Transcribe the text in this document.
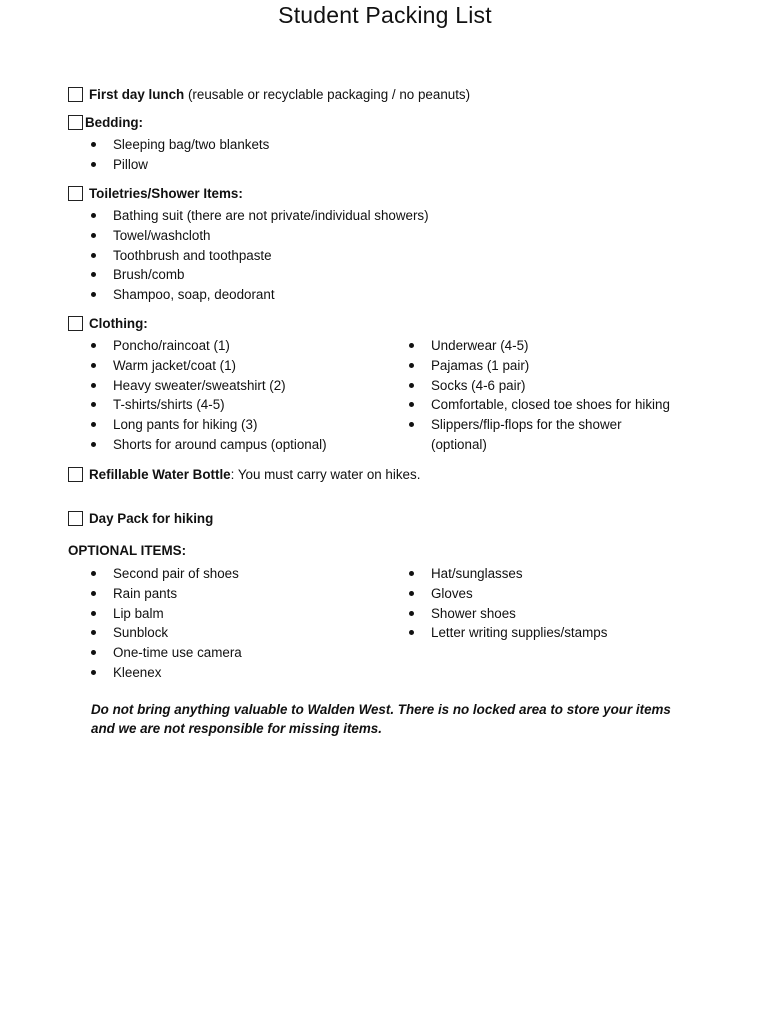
Student Packing List
First day lunch (reusable or recyclable packaging / no peanuts)
Bedding:
Sleeping bag/two blankets
Pillow
Toiletries/Shower Items:
Bathing suit (there are not private/individual showers)
Towel/washcloth
Toothbrush and toothpaste
Brush/comb
Shampoo, soap, deodorant
Clothing:
Poncho/raincoat (1)
Warm jacket/coat (1)
Heavy sweater/sweatshirt (2)
T-shirts/shirts (4-5)
Long pants for hiking (3)
Shorts for around campus (optional)
Underwear (4-5)
Pajamas (1 pair)
Socks (4-6 pair)
Comfortable, closed toe shoes for hiking
Slippers/flip-flops for the shower (optional)
Refillable Water Bottle: You must carry water on hikes.
Day Pack for hiking
OPTIONAL ITEMS:
Second pair of shoes
Rain pants
Lip balm
Sunblock
One-time use camera
Kleenex
Hat/sunglasses
Gloves
Shower shoes
Letter writing supplies/stamps
Do not bring anything valuable to Walden West. There is no locked area to store your items and we are not responsible for missing items.
